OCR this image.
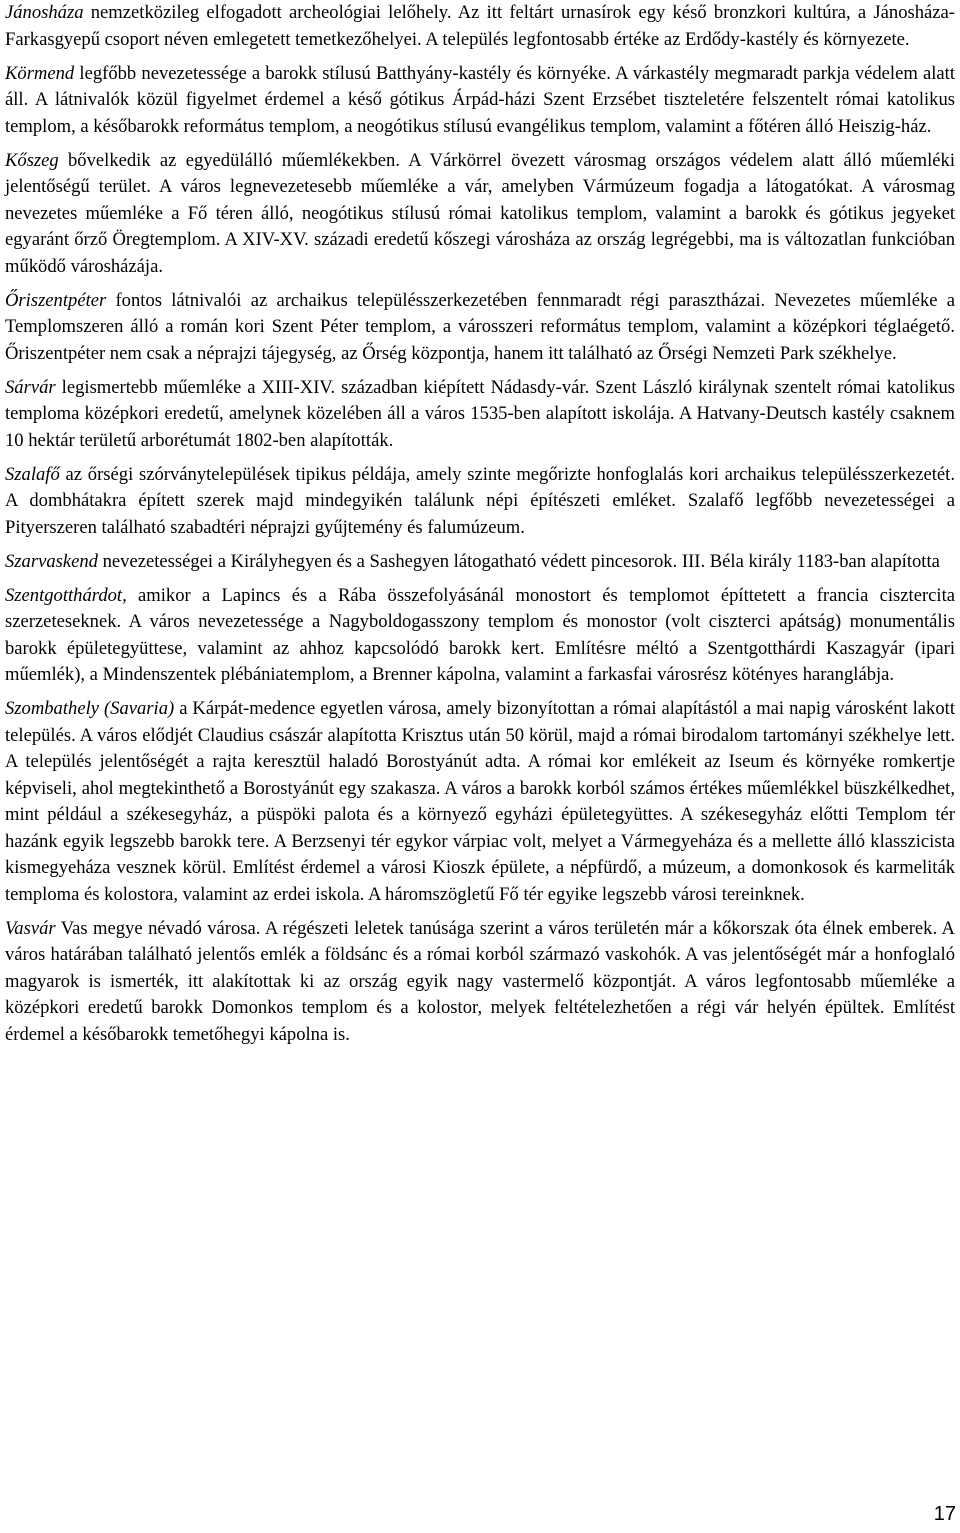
Jánosháza nemzetközileg elfogadott archeológiai lelőhely. Az itt feltárt urnasírok egy késő bronzkori kultúra, a Jánosháza-Farkasgyepű csoport néven emlegetett temetkezőhelyei. A település legfontosabb értéke az Erdődy-kastély és környezete.

Körmend legfőbb nevezetessége a barokk stílusú Batthyány-kastély és környéke. A várkastély megmaradt parkja védelem alatt áll. A látnivalók közül figyelmet érdemel a késő gótikus Árpád-házi Szent Erzsébet tiszteletére felszentelt római katolikus templom, a későbarokk református templom, a neogótikus stílusú evangélikus templom, valamint a főtéren álló Heiszig-ház.

Kőszeg bővelkedik az egyedülálló műemlékekben. A Várkörrel övezett városmag országos védelem alatt álló műemléki jelentőségű terület. A város legnevezetesebb műemléke a vár, amelyben Vármúzeum fogadja a látogatókat. A városmag nevezetes műemléke a Fő téren álló, neogótikus stílusú római katolikus templom, valamint a barokk és gótikus jegyeket egyaránt őrző Öregtemplom. A XIV-XV. századi eredetű kőszegi városháza az ország legrégebbi, ma is változatlan funkcióban működő városházája.

Őriszentpéter fontos látnivalói az archaikus településszerkezetében fennmaradt régi parasztházai. Nevezetes műemléke a Templomszeren álló a román kori Szent Péter templom, a városszeri református templom, valamint a középkori téglaégető. Őriszentpéter nem csak a néprajzi tájegység, az Őrség központja, hanem itt található az Őrségi Nemzeti Park székhelye.

Sárvár legismertebb műemléke a XIII-XIV. században kiépített Nádasdy-vár. Szent László királynak szentelt római katolikus temploma középkori eredetű, amelynek közelében áll a város 1535-ben alapított iskolája. A Hatvany-Deutsch kastély csaknem 10 hektár területű arborétumát 1802-ben alapították.

Szalafő az őrségi szórványtelepülések tipikus példája, amely szinte megőrizte honfoglalás kori archaikus településszerkezetét. A dombhátakra épített szerek majd mindegyikén találunk népi építészeti emléket. Szalafő legfőbb nevezetességei a Pityerszeren található szabadtéri néprajzi gyűjtemény és falumúzeum.

Szarvaskend nevezetességei a Királyhegyen és a Sashegyen látogatható védett pincesorok. III. Béla király 1183-ban alapította

Szentgotthárdot, amikor a Lapincs és a Rába összefolyásánál monostort és templomot építtetett a francia cisztercita szerzeteseknek. A város nevezetessége a Nagyboldogasszony templom és monostor (volt ciszterci apátság) monumentális barokk épületegyüttese, valamint az ahhoz kapcsolódó barokk kert. Említésre méltó a Szentgotthárdi Kaszagyár (ipari műemlék), a Mindenszentek plébániatemplom, a Brenner kápolna, valamint a farkasfai városrész kötényes haranglábja.

Szombathely (Savaria) a Kárpát-medence egyetlen városa, amely bizonyítottan a római alapítástól a mai napig városként lakott település. A város elődjét Claudius császár alapította Krisztus után 50 körül, majd a római birodalom tartományi székhelye lett. A település jelentőségét a rajta keresztül haladó Borostyánút adta. A római kor emlékeit az Iseum és környéke romkertje képviseli, ahol megtekinthető a Borostyánút egy szakasza. A város a barokk korból számos értékes műemlékkel büszkélkedhet, mint például a székesegyház, a püspöki palota és a környező egyházi épületegyüttes. A székesegyház előtti Templom tér hazánk egyik legszebb barokk tere. A Berzsenyi tér egykor várpiac volt, melyet a Vármegyeháza és a mellette álló klasszicista kismegyeháza vesznek körül. Említést érdemel a városi Kioszk épülete, a népfürdő, a múzeum, a domonkosok és karmeliták temploma és kolostora, valamint az erdei iskola. A háromszögletű Fő tér egyike legszebb városi tereinknek.

Vasvár Vas megye névadó városa. A régészeti leletek tanúsága szerint a város területén már a kőkorszak óta élnek emberek. A város határában található jelentős emlék a földsánc és a római korból származó vaskohók. A vas jelentőségét már a honfoglaló magyarok is ismerték, itt alakítottak ki az ország egyik nagy vastermelő központját. A város legfontosabb műemléke a középkori eredetű barokk Domonkos templom és a kolostor, melyek feltételezhetően a régi vár helyén épültek. Említést érdemel a későbarokk temetőhegyi kápolna is.

17
